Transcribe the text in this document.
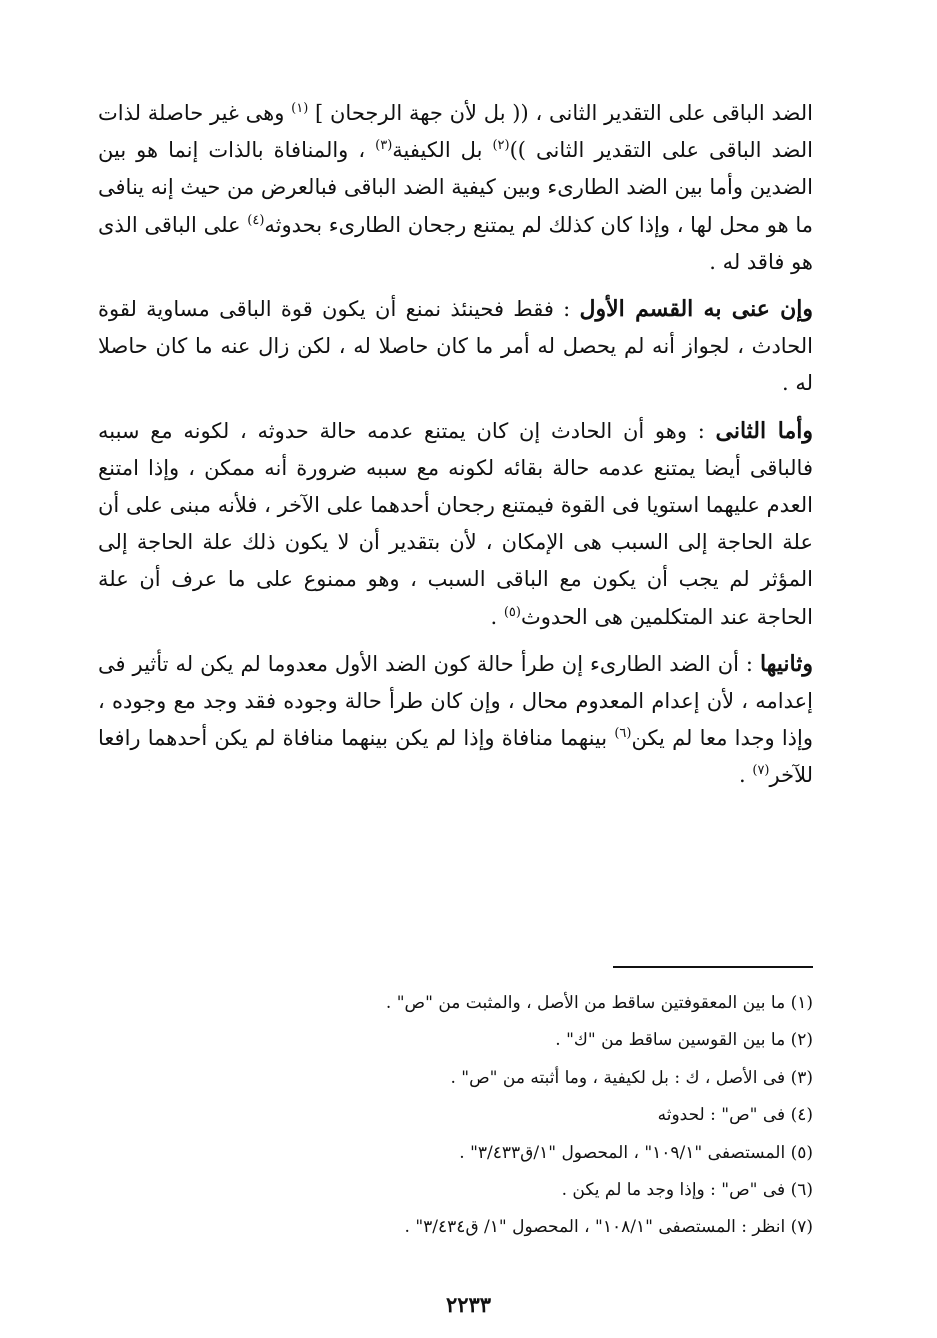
الضد الباقى على التقدير الثانى ، (( بل لأن جهة الرجحان ] $^{(١)}$ وهى غير حاصلة لذات الضد الباقى على التقدير الثانى ))$^{(٢)}$ بل الكيفية$^{(٣)}$ ، والمنافاة بالذات إنما هو بين الضدين وأما بين الضد الطارىء وبين كيفية الضد الباقى فبالعرض من حيث إنه ينافى ما هو محل لها ، وإذا كان كذلك لم يمتنع رجحان الطارىء بحدوثه$^{(٤)}$ على الباقى الذى هو فاقد له .

وإن عنى به القسم الأول : فقط فحينئذ نمنع أن يكون قوة الباقى مساوية لقوة الحادث ، لجواز أنه لم يحصل له أمر ما كان حاصلا له ، لكن زال عنه ما كان حاصلا له .

وأما الثانى : وهو أن الحادث إن كان يمتنع عدمه حالة حدوثه ، لكونه مع سببه فالباقى أيضا يمتنع عدمه حالة بقائه لكونه مع سببه ضرورة أنه ممكن ، وإذا امتنع العدم عليهما استويا فى القوة فيمتنع رجحان أحدهما على الآخر ، فلأنه مبنى على أن علة الحاجة إلى السبب هى الإمكان ، لأن بتقدير أن لا يكون ذلك علة الحاجة إلى المؤثر لم يجب أن يكون مع الباقى السبب ، وهو ممنوع على ما عرف أن علة الحاجة عند المتكلمين هى الحدوث$^{(٥)}$ .

وثانيها : أن الضد الطارىء إن طرأ حالة كون الضد الأول معدوما لم يكن له تأثير فى إعدامه ، لأن إعدام المعدوم محال ، وإن كان طرأ حالة وجوده فقد وجد مع وجوده ، وإذا وجدا معا لم يكن$^{(٦)}$ بينهما منافاة وإذا لم يكن بينهما منافاة لم يكن أحدهما رافعا للآخر$^{(٧)}$ .

(١) ما بين المعقوفتين ساقط من الأصل ، والمثبت من "ص" .
(٢) ما بين القوسين ساقط من "ك" .
(٣) فى الأصل ، ك : بل لكيفية ، وما أثبته من "ص" .
(٤) فى "ص" : لحدوثه
(٥) المستصفى "١٠٩/١" ، المحصول "١/ق٣/٤٣٣" .
(٦) فى "ص" : وإذا وجد ما لم يكن .
(٧) انظر : المستصفى "١٠٨/١" ، المحصول "١/ ق٣/٤٣٤" .
٢٢٣٣
